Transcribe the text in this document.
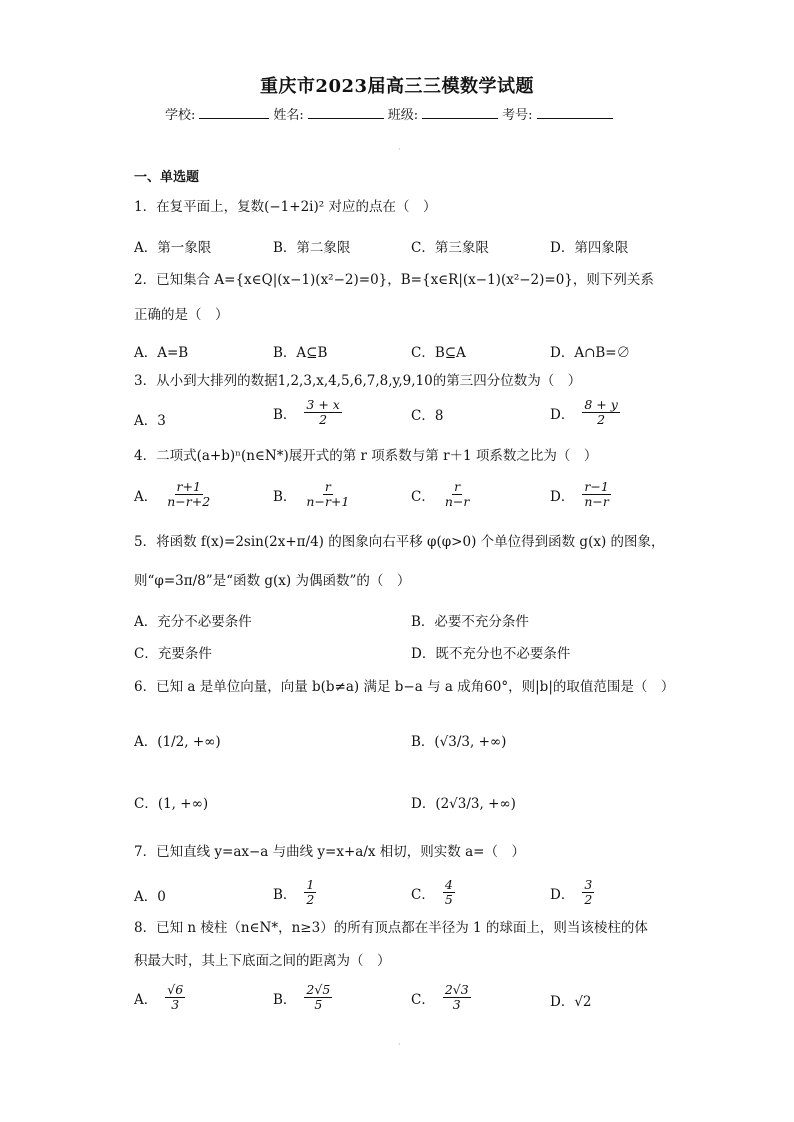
重庆市2023届高三三模数学试题
学校:	姓名:	班级:	考号:
·
一、单选题
1．在复平面上，复数(−1+2i)² 对应的点在（　）
A．第一象限	B．第二象限	C．第三象限	D．第四象限
2．已知集合 A={x∈Q|(x−1)(x²−2)=0}，B={x∈R|(x−1)(x²−2)=0}，则下列关系
正确的是（　）
A．A=B	B．A⊆B	C．B⊆A	D．A∩B=∅
3．从小到大排列的数据1,2,3,x,4,5,6,7,8,y,9,10的第三四分位数为（　）
A．3	B． $\frac{3 + x}{2}$	C．8	D． $\frac{8 + y}{2}$
4．二项式(a+b)ⁿ(n∈N*)展开式的第 r 项系数与第 r＋1 项系数之比为（　）
A． $\frac{r+1}{n-r+2}$	B． $\frac{r}{n-r+1}$	C． $\frac{r}{n-r}$	D． $\frac{r-1}{n-r}$
5．将函数 f(x)=2sin(2x+π/4) 的图象向右平移 φ(φ>0) 个单位得到函数 g(x) 的图象，
则“φ=3π/8”是“函数 g(x) 为偶函数”的（　）
A．充分不必要条件	B．必要不充分条件
C．充要条件	D．既不充分也不必要条件
6．已知 a 是单位向量，向量 b(b≠a) 满足 b−a 与 a 成角60°，则|b|的取值范围是（　）
A．(1/2, +∞)	B．(√3/3, +∞)
C．(1, +∞)	D．(2√3/3, +∞)
7．已知直线 y=ax−a 与曲线 y=x+a/x 相切，则实数 a=（　）
A．0	B． $\frac{1}{2}$	C． $\frac{4}{5}$	D． $\frac{3}{2}$
8．已知 n 棱柱（n∈N*，n≥3）的所有顶点都在半径为 1 的球面上，则当该棱柱的体
积最大时，其上下底面之间的距离为（　）
A． $\frac{√6}{3}$	B． $\frac{2√5}{5}$	C． $\frac{2√3}{3}$	D．√2
·
